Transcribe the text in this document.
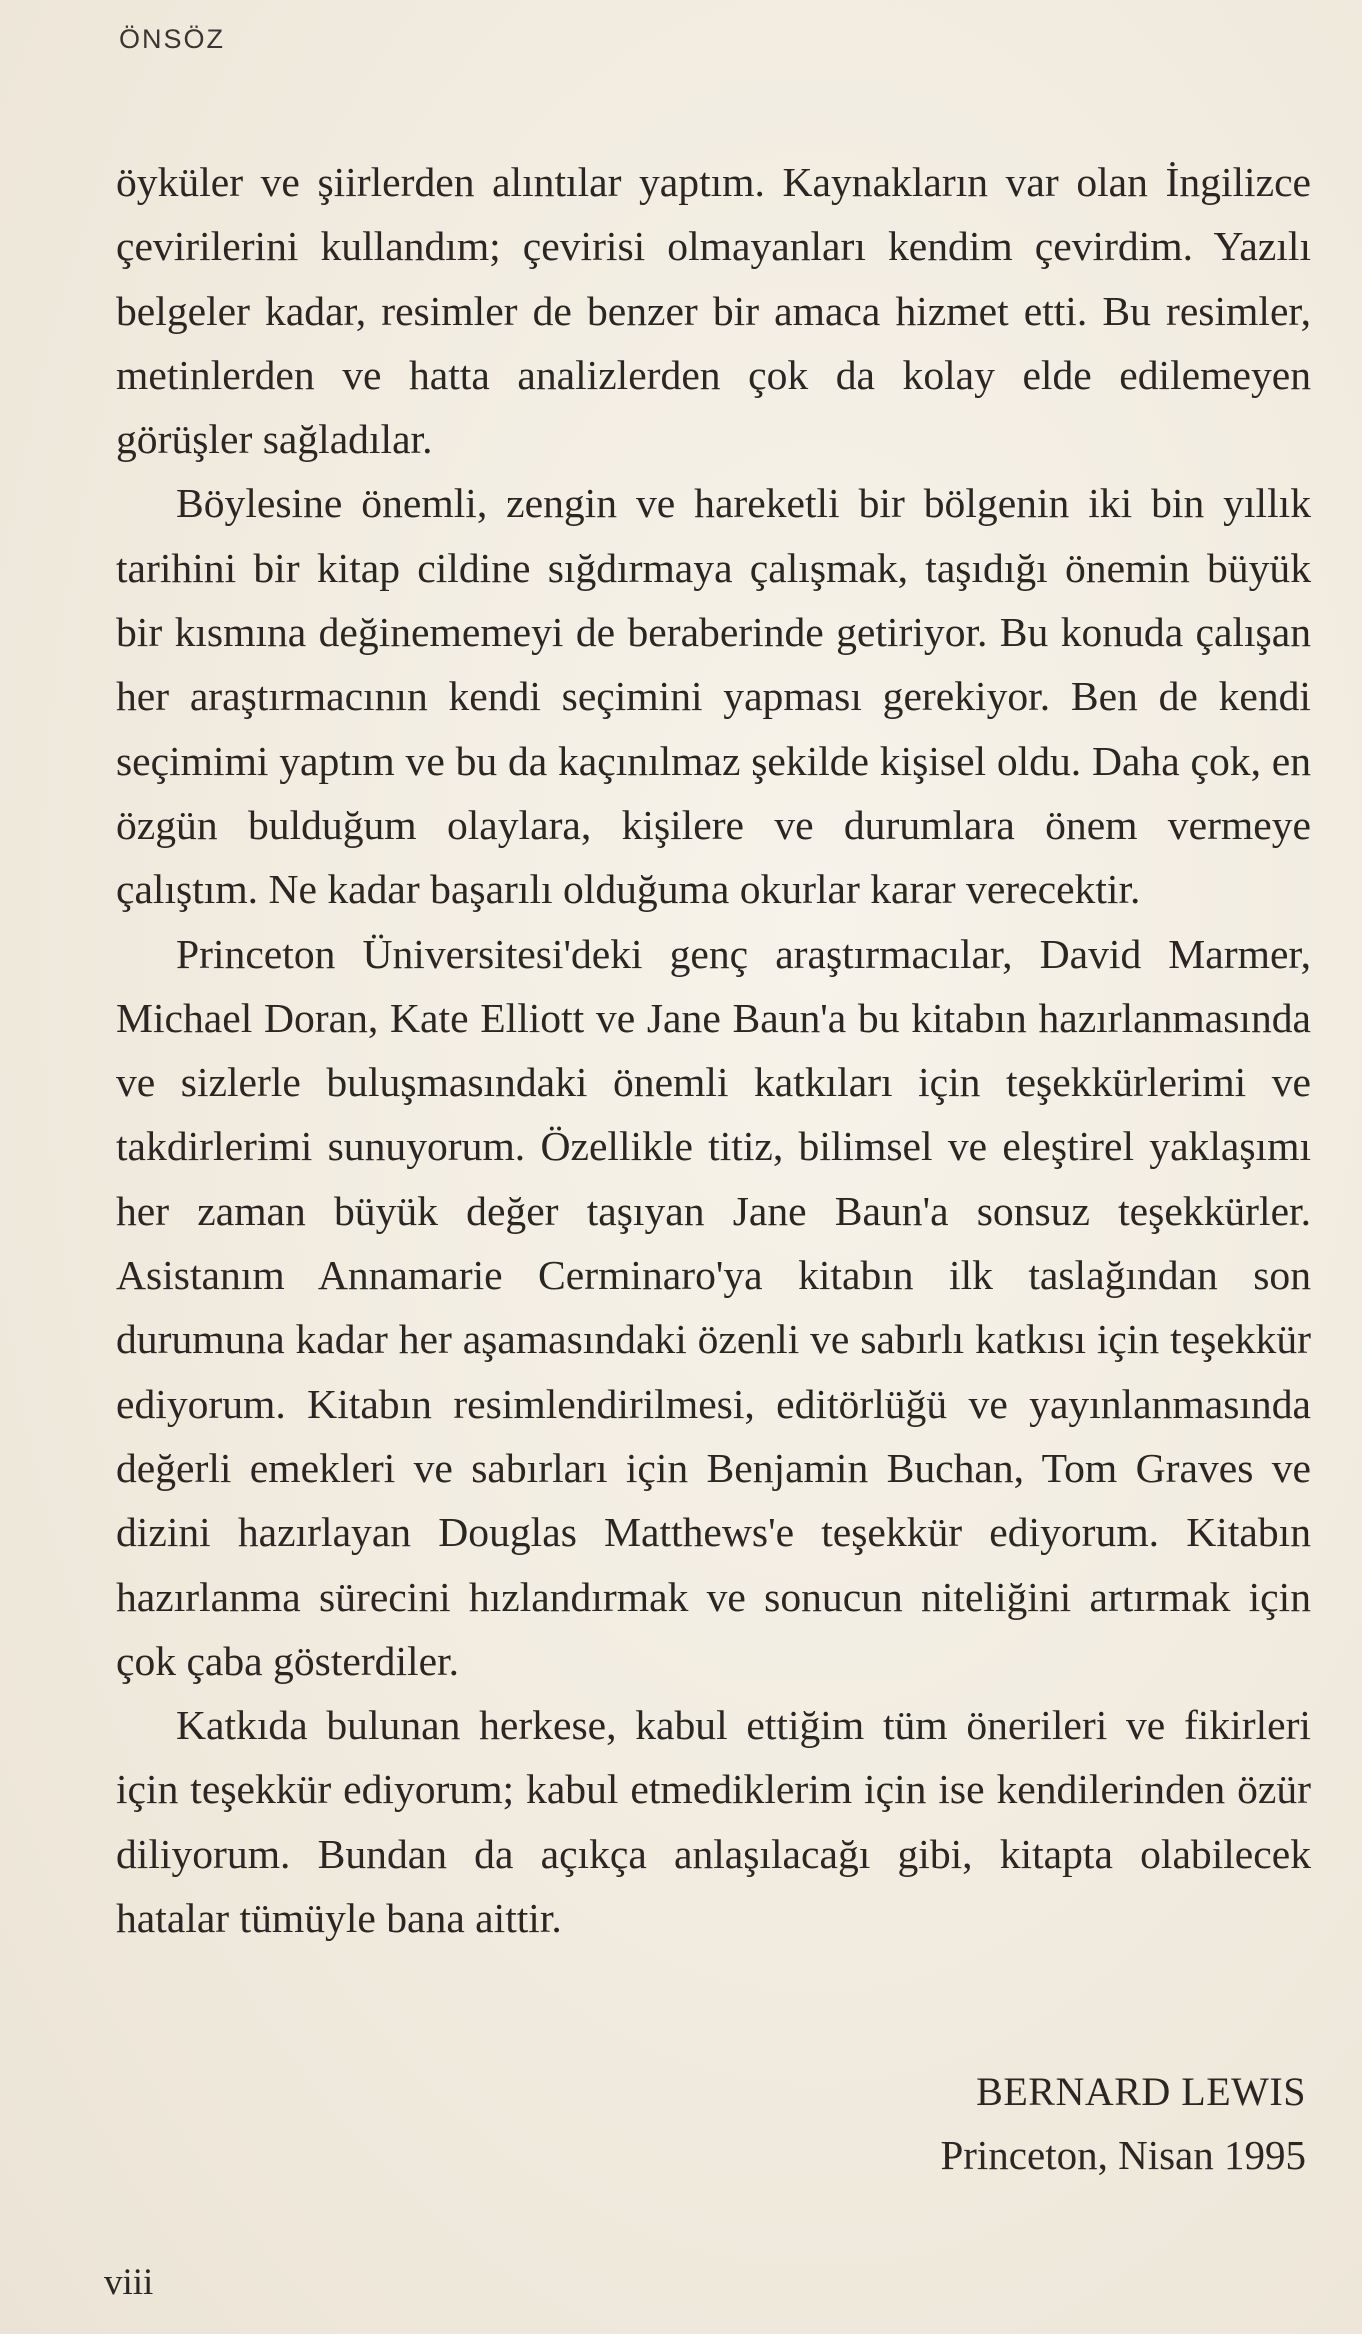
ÖNSÖZ

öyküler ve şiirlerden alıntılar yaptım. Kaynakların var olan İngilizce çevirilerini kullandım; çevirisi olmayanları kendim çevirdim. Yazılı belgeler kadar, resimler de benzer bir amaca hizmet etti. Bu resimler, metinlerden ve hatta analizlerden çok da kolay elde edilemeyen görüşler sağladılar.

Böylesine önemli, zengin ve hareketli bir bölgenin iki bin yıllık tarihini bir kitap cildine sığdırmaya çalışmak, taşıdığı önemin büyük bir kısmına değinememeyi de beraberinde getiriyor. Bu konuda çalışan her araştırmacının kendi seçimini yapması gerekiyor. Ben de kendi seçimimi yaptım ve bu da kaçınılmaz şekilde kişisel oldu. Daha çok, en özgün bulduğum olaylara, kişilere ve durumlara önem vermeye çalıştım. Ne kadar başarılı olduğuma okurlar karar verecektir.

Princeton Üniversitesi'deki genç araştırmacılar, David Marmer, Michael Doran, Kate Elliott ve Jane Baun'a bu kitabın hazırlanmasında ve sizlerle buluşmasındaki önemli katkıları için teşekkürlerimi ve takdirlerimi sunuyorum. Özellikle titiz, bilimsel ve eleştirel yaklaşımı her zaman büyük değer taşıyan Jane Baun'a sonsuz teşekkürler. Asistanım Annamarie Cerminaro'ya kitabın ilk taslağından son durumuna kadar her aşamasındaki özenli ve sabırlı katkısı için teşekkür ediyorum. Kitabın resimlendirilmesi, editörlüğü ve yayınlanmasında değerli emekleri ve sabırları için Benjamin Buchan, Tom Graves ve dizini hazırlayan Douglas Matthews'e teşekkür ediyorum. Kitabın hazırlanma sürecini hızlandırmak ve sonucun niteliğini artırmak için çok çaba gösterdiler.

Katkıda bulunan herkese, kabul ettiğim tüm önerileri ve fikirleri için teşekkür ediyorum; kabul etmediklerim için ise kendilerinden özür diliyorum. Bundan da açıkça anlaşılacağı gibi, kitapta olabilecek hatalar tümüyle bana aittir.

BERNARD LEWIS
Princeton, Nisan 1995
viii
